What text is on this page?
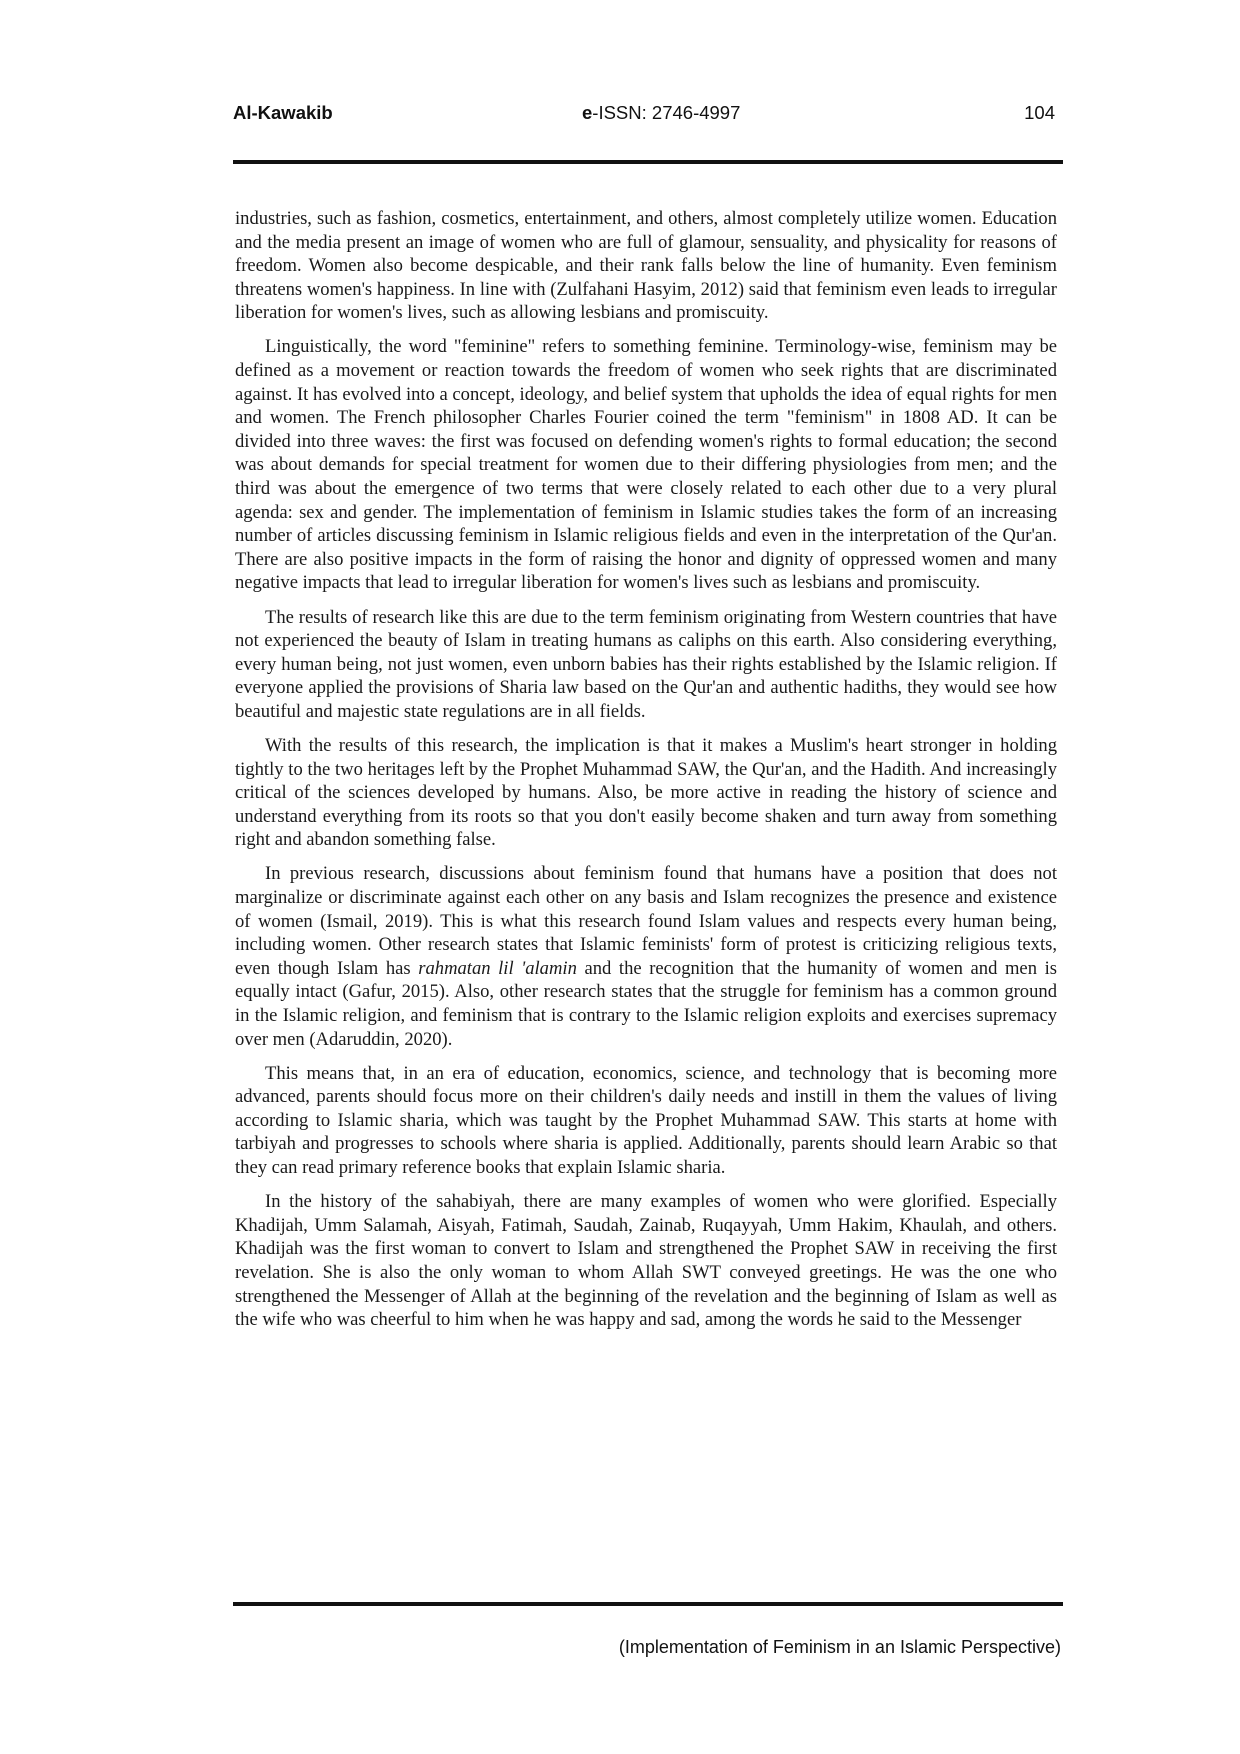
Al-Kawakib	e-ISSN: 2746-4997	104

industries, such as fashion, cosmetics, entertainment, and others, almost completely utilize women. Education and the media present an image of women who are full of glamour, sensuality, and physicality for reasons of freedom. Women also become despicable, and their rank falls below the line of humanity. Even feminism threatens women's happiness. In line with (Zulfahani Hasyim, 2012) said that feminism even leads to irregular liberation for women's lives, such as allowing lesbians and promiscuity.

Linguistically, the word "feminine" refers to something feminine. Terminology-wise, feminism may be defined as a movement or reaction towards the freedom of women who seek rights that are discriminated against. It has evolved into a concept, ideology, and belief system that upholds the idea of equal rights for men and women. The French philosopher Charles Fourier coined the term "feminism" in 1808 AD. It can be divided into three waves: the first was focused on defending women's rights to formal education; the second was about demands for special treatment for women due to their differing physiologies from men; and the third was about the emergence of two terms that were closely related to each other due to a very plural agenda: sex and gender. The implementation of feminism in Islamic studies takes the form of an increasing number of articles discussing feminism in Islamic religious fields and even in the interpretation of the Qur'an. There are also positive impacts in the form of raising the honor and dignity of oppressed women and many negative impacts that lead to irregular liberation for women's lives such as lesbians and promiscuity.

The results of research like this are due to the term feminism originating from Western countries that have not experienced the beauty of Islam in treating humans as caliphs on this earth. Also considering everything, every human being, not just women, even unborn babies has their rights established by the Islamic religion. If everyone applied the provisions of Sharia law based on the Qur'an and authentic hadiths, they would see how beautiful and majestic state regulations are in all fields.

With the results of this research, the implication is that it makes a Muslim's heart stronger in holding tightly to the two heritages left by the Prophet Muhammad SAW, the Qur'an, and the Hadith. And increasingly critical of the sciences developed by humans. Also, be more active in reading the history of science and understand everything from its roots so that you don't easily become shaken and turn away from something right and abandon something false.

In previous research, discussions about feminism found that humans have a position that does not marginalize or discriminate against each other on any basis and Islam recognizes the presence and existence of women (Ismail, 2019). This is what this research found Islam values and respects every human being, including women. Other research states that Islamic feminists' form of protest is criticizing religious texts, even though Islam has rahmatan lil 'alamin and the recognition that the humanity of women and men is equally intact (Gafur, 2015). Also, other research states that the struggle for feminism has a common ground in the Islamic religion, and feminism that is contrary to the Islamic religion exploits and exercises supremacy over men (Adaruddin, 2020).

This means that, in an era of education, economics, science, and technology that is becoming more advanced, parents should focus more on their children's daily needs and instill in them the values of living according to Islamic sharia, which was taught by the Prophet Muhammad SAW. This starts at home with tarbiyah and progresses to schools where sharia is applied. Additionally, parents should learn Arabic so that they can read primary reference books that explain Islamic sharia.

In the history of the sahabiyah, there are many examples of women who were glorified. Especially Khadijah, Umm Salamah, Aisyah, Fatimah, Saudah, Zainab, Ruqayyah, Umm Hakim, Khaulah, and others. Khadijah was the first woman to convert to Islam and strengthened the Prophet SAW in receiving the first revelation. She is also the only woman to whom Allah SWT conveyed greetings. He was the one who strengthened the Messenger of Allah at the beginning of the revelation and the beginning of Islam as well as the wife who was cheerful to him when he was happy and sad, among the words he said to the Messenger

(Implementation of Feminism in an Islamic Perspective)
